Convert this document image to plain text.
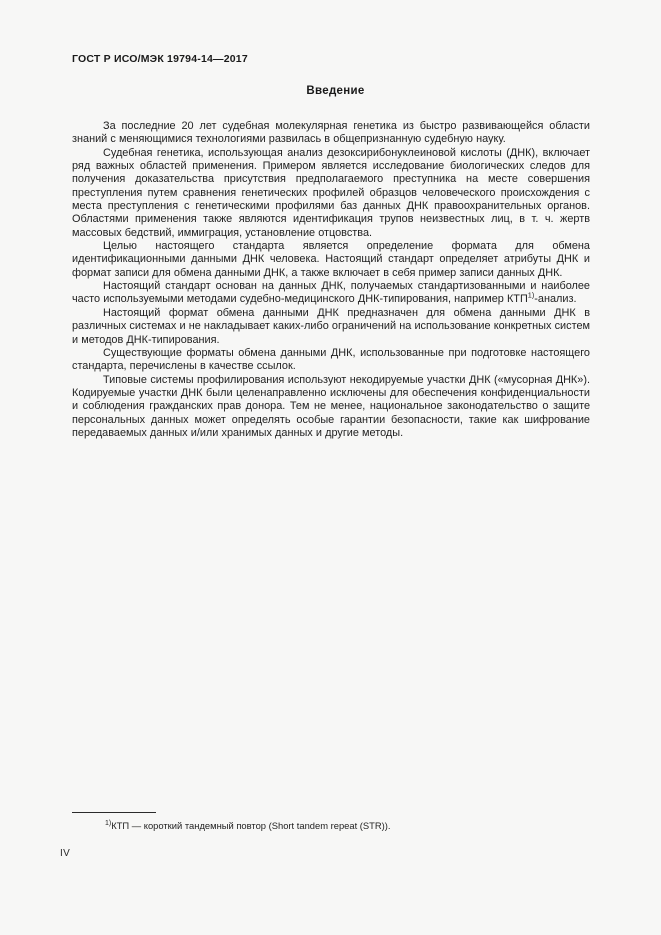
ГОСТ Р ИСО/МЭК 19794-14—2017
Введение

За последние 20 лет судебная молекулярная генетика из быстро развивающейся области знаний с меняющимися технологиями развилась в общепризнанную судебную науку.

Судебная генетика, использующая анализ дезоксирибонуклеиновой кислоты (ДНК), включает ряд важных областей применения. Примером является исследование биологических следов для получения доказательства присутствия предполагаемого преступника на месте совершения преступления путем сравнения генетических профилей образцов человеческого происхождения с места преступления с генетическими профилями баз данных ДНК правоохранительных органов. Областями применения также являются идентификация трупов неизвестных лиц, в т. ч. жертв массовых бедствий, иммиграция, установление отцовства.

Целью настоящего стандарта является определение формата для обмена идентификационными данными ДНК человека. Настоящий стандарт определяет атрибуты ДНК и формат записи для обмена данными ДНК, а также включает в себя пример записи данных ДНК.

Настоящий стандарт основан на данных ДНК, получаемых стандартизованными и наиболее часто используемыми методами судебно-медицинского ДНК-типирования, например КТП$^{1)}$-анализ.

Настоящий формат обмена данными ДНК предназначен для обмена данными ДНК в различных системах и не накладывает каких-либо ограничений на использование конкретных систем и методов ДНК-типирования.

Существующие форматы обмена данными ДНК, использованные при подготовке настоящего стандарта, перечислены в качестве ссылок.

Типовые системы профилирования используют некодируемые участки ДНК («мусорная ДНК»). Кодируемые участки ДНК были целенаправленно исключены для обеспечения конфиденциальности и соблюдения гражданских прав донора. Тем не менее, национальное законодательство о защите персональных данных может определять особые гарантии безопасности, такие как шифрование передаваемых данных и/или хранимых данных и другие методы.

$^{1)}$КТП — короткий тандемный повтор (Short tandem repeat (STR)).
IV
